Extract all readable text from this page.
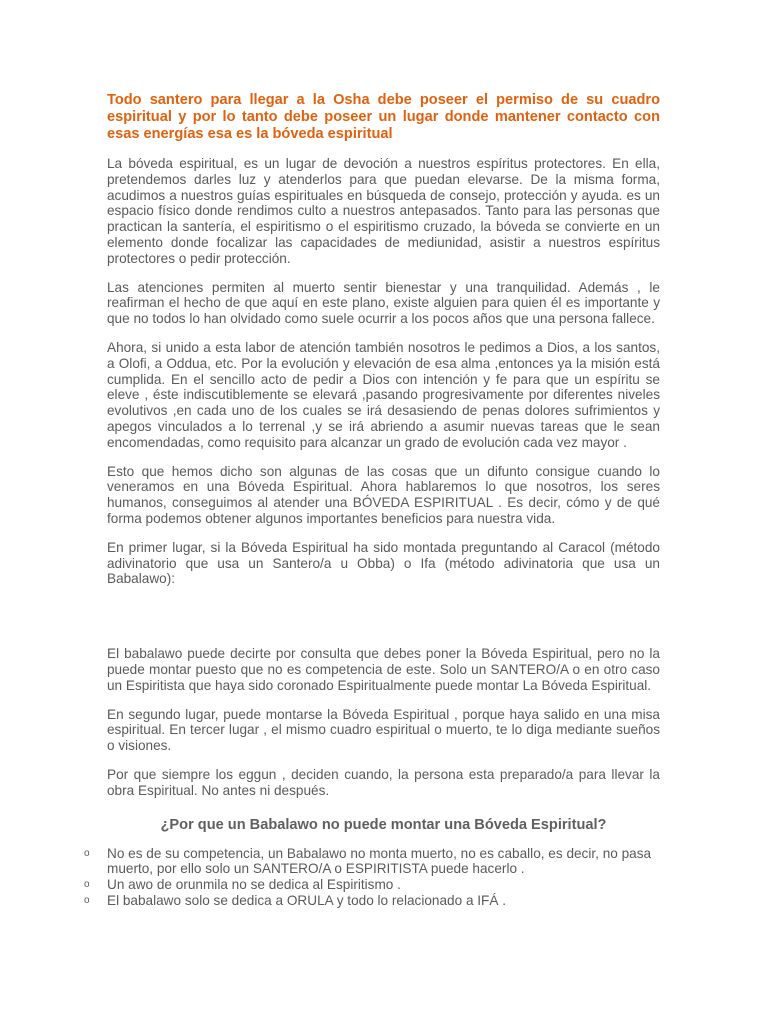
Todo santero para llegar a la Osha debe poseer el permiso de su cuadro espiritual y por lo tanto debe poseer un lugar donde mantener contacto con esas energías esa es la bóveda espiritual

La bóveda espiritual, es un lugar de devoción a nuestros espíritus protectores. En ella, pretendemos darles luz y atenderlos para que puedan elevarse. De la misma forma, acudimos a nuestros guías espirituales en búsqueda de consejo, protección y ayuda. es un espacio físico donde rendimos culto a nuestros antepasados. Tanto para las personas que practican la santería, el espiritismo o el espiritismo cruzado, la bóveda se convierte en un elemento donde focalizar las capacidades de mediunidad, asistir a nuestros espíritus protectores o pedir protección.

Las atenciones permiten al muerto sentir bienestar y una tranquilidad. Además , le reafirman el hecho de que aquí en este plano, existe alguien para quien él es importante y que no todos lo han olvidado como suele ocurrir a los pocos años que una persona fallece.

Ahora, si unido a esta labor de atención también nosotros le pedimos a Dios, a los santos, a Olofi, a Oddua, etc. Por la evolución y elevación de esa alma ,entonces ya la misión está cumplida. En el sencillo acto de pedir a Dios con intención y fe para que un espíritu se eleve , éste indiscutiblemente se elevará ,pasando progresivamente por diferentes niveles evolutivos ,en cada uno de los cuales se irá desasiendo de penas dolores sufrimientos y apegos vinculados a lo terrenal ,y se irá abriendo a asumir nuevas tareas que le sean encomendadas, como requisito para alcanzar un grado de evolución cada vez mayor .

Esto que hemos dicho son algunas de las cosas que un difunto consigue cuando lo veneramos en una Bóveda Espiritual. Ahora hablaremos lo que nosotros, los seres humanos, conseguimos al atender una BÓVEDA ESPIRITUAL . Es decir, cómo y de qué forma podemos obtener algunos importantes beneficios para nuestra vida.

En primer lugar, si la Bóveda Espiritual ha sido montada preguntando al Caracol (método adivinatorio que usa un Santero/a u Obba) o Ifa (método adivinatoria que usa un Babalawo):

El babalawo puede decirte por consulta que debes poner la Bóveda Espiritual, pero no la puede montar puesto que no es competencia de este. Solo un SANTERO/A o en otro caso un Espiritista que haya sido coronado Espiritualmente puede montar La Bóveda Espiritual.

En segundo lugar, puede montarse la Bóveda Espiritual , porque haya salido en una misa espiritual. En tercer lugar , el mismo cuadro espiritual o muerto, te lo diga mediante sueños o visiones.

Por que siempre los eggun , deciden cuando, la persona esta preparado/a para llevar la obra Espiritual. No antes ni después.

¿Por que un Babalawo no puede montar una Bóveda Espiritual?
o No es de su competencia, un Babalawo no monta muerto, no es caballo, es decir, no pasa muerto, por ello solo un SANTERO/A o ESPIRITISTA puede hacerlo .
o Un awo de orunmila no se dedica al Espiritismo .
o El babalawo solo se dedica a ORULA y todo lo relacionado a IFÁ .
